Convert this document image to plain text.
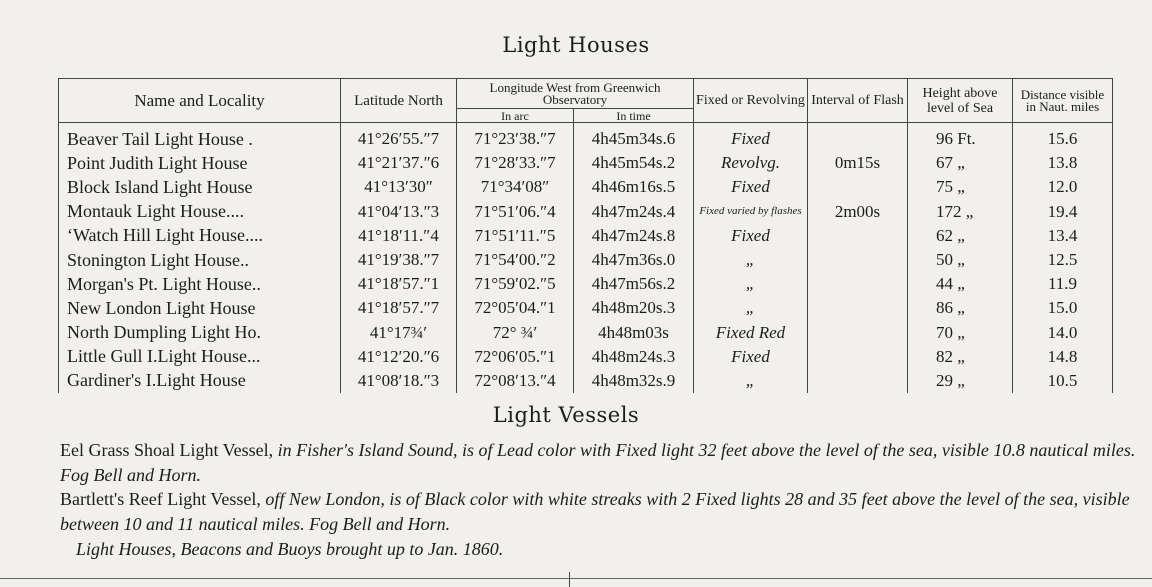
Light Houses
Name and Locality	Latitude North	Longitude West from Greenwich Observatory		Fixed or Revolving	Interval of Flash	Height above level of Sea	Distance visible in Naut. miles
		In arc	In time				
Beaver Tail Light House .	41°26′55.″7	71°23′38.″7	4h45m34s.6	Fixed		96 Ft.	15.6
Point Judith Light House	41°21′37.″6	71°28′33.″7	4h45m54s.2	Revolvg.	0m15s	67 „	13.8
Block Island Light House	41°13′30″	71°34′08″	4h46m16s.5	Fixed		75 „	12.0
Montauk Light House....	41°04′13.″3	71°51′06.″4	4h47m24s.4	Fixed varied by flashes	2m00s	172 „	19.4
‘Watch Hill Light House....	41°18′11.″4	71°51′11.″5	4h47m24s.8	Fixed		62 „	13.4
Stonington Light House..	41°19′38.″7	71°54′00.″2	4h47m36s.0	„		50 „	12.5
Morgan's Pt. Light House..	41°18′57.″1	71°59′02.″5	4h47m56s.2	„		44 „	11.9
New London Light House	41°18′57.″7	72°05′04.″1	4h48m20s.3	„		86 „	15.0
North Dumpling Light Ho.	41°17¾′	72° ¾′	4h48m03s	Fixed Red		70 „	14.0
Little Gull I.Light House...	41°12′20.″6	72°06′05.″1	4h48m24s.3	Fixed		82 „	14.8
Gardiner's I.Light House	41°08′18.″3	72°08′13.″4	4h48m32s.9	„		29 „	10.5
Light Vessels
Eel Grass Shoal Light Vessel, in Fisher's Island Sound, is of Lead color with Fixed light 32 feet above the level of the sea, visible 10.8 nautical miles. Fog Bell and Horn.
Bartlett's Reef Light Vessel, off New London, is of Black color with white streaks with 2 Fixed lights 28 and 35 feet above the level of the sea, visible between 10 and 11 nautical miles. Fog Bell and Horn.
Light Houses, Beacons and Buoys brought up to Jan. 1860.
